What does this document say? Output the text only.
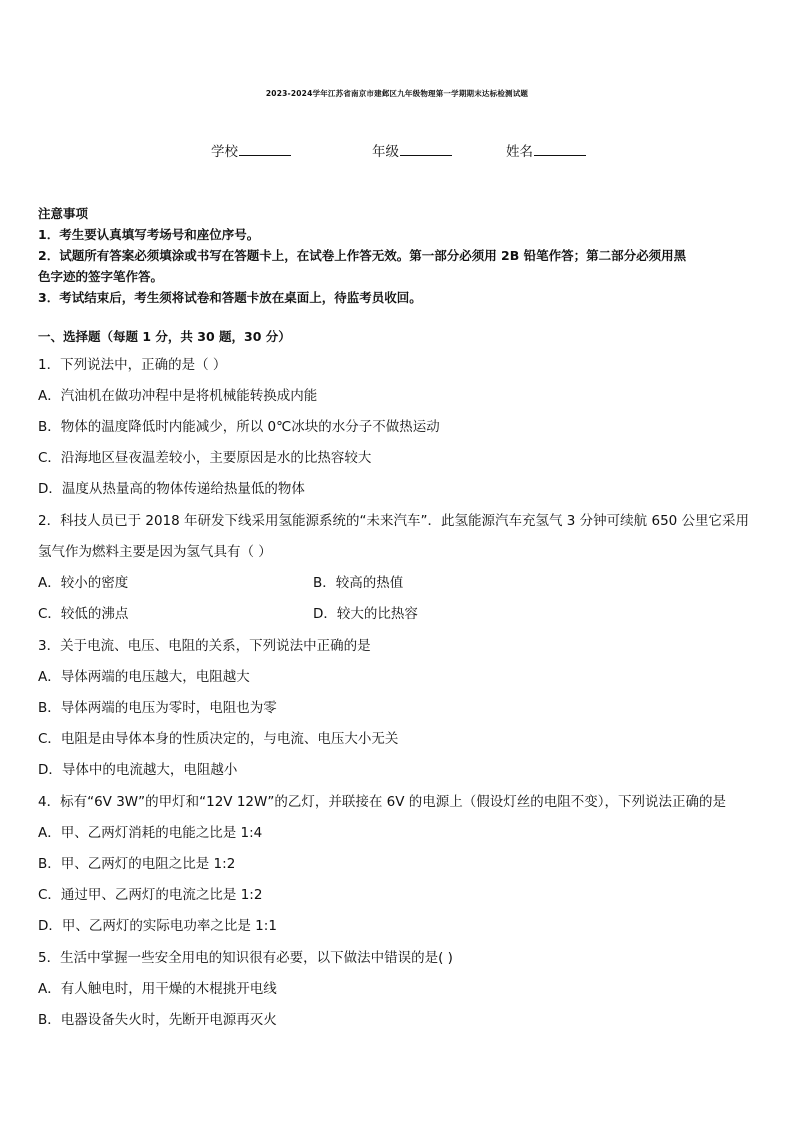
2023-2024学年江苏省南京市建邺区九年级物理第一学期期末达标检测试题
学校	年级	姓名

注意事项

1．考生要认真填写考场号和座位序号。

2．试题所有答案必须填涂或书写在答题卡上，在试卷上作答无效。第一部分必须用 2B 铅笔作答；第二部分必须用黑

色字迹的签字笔作答。

3．考试结束后，考生须将试卷和答题卡放在桌面上，待监考员收回。

一、选择题（每题 1 分，共 30 题，30 分）
1．下列说法中，正确的是（ ）
A．汽油机在做功冲程中是将机械能转换成内能
B．物体的温度降低时内能减少，所以 0℃冰块的水分子不做热运动
C．沿海地区昼夜温差较小，主要原因是水的比热容较大
D．温度从热量高的物体传递给热量低的物体
2．科技人员已于 2018 年研发下线采用氢能源系统的“未来汽车”．此氢能源汽车充氢气 3 分钟可续航 650 公里它采用
氢气作为燃料主要是因为氢气具有（ ）
A．较小的密度	B．较高的热值
C．较低的沸点	D．较大的比热容
3．关于电流、电压、电阻的关系，下列说法中正确的是
A．导体两端的电压越大，电阻越大
B．导体两端的电压为零时，电阻也为零
C．电阻是由导体本身的性质决定的，与电流、电压大小无关
D．导体中的电流越大，电阻越小
4．标有“6V 3W”的甲灯和“12V 12W”的乙灯，并联接在 6V 的电源上（假设灯丝的电阻不变），下列说法正确的是
A．甲、乙两灯消耗的电能之比是 1:4
B．甲、乙两灯的电阻之比是 1:2
C．通过甲、乙两灯的电流之比是 1:2
D．甲、乙两灯的实际电功率之比是 1:1
5．生活中掌握一些安全用电的知识很有必要，以下做法中错误的是( )
A．有人触电时，用干燥的木棍挑开电线
B．电器设备失火时，先断开电源再灭火
